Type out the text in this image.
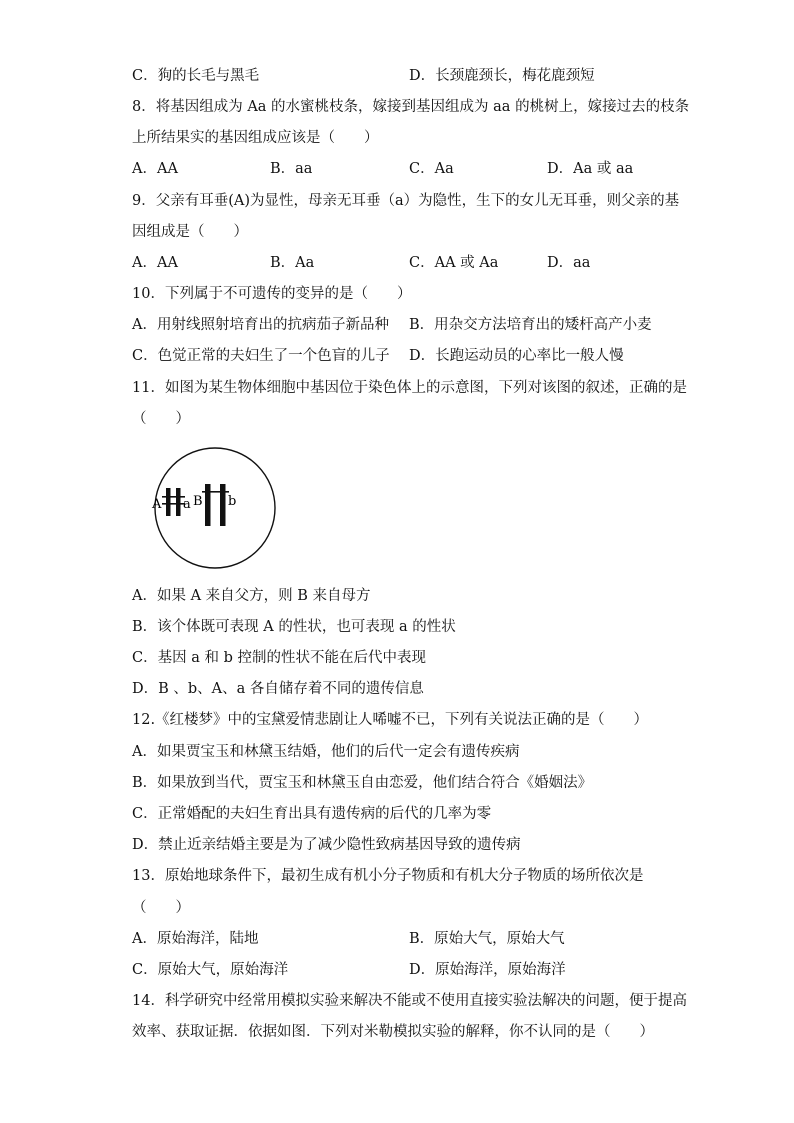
C．狗的长毛与黑毛	D．长颈鹿颈长，梅花鹿颈短
8．将基因组成为 Aa 的水蜜桃枝条，嫁接到基因组成为 aa 的桃树上，嫁接过去的枝条
上所结果实的基因组成应该是（　　）
A．AA	B．aa	C．Aa	D．Aa 或 aa
9．父亲有耳垂(A)为显性，母亲无耳垂（a）为隐性，生下的女儿无耳垂，则父亲的基
因组成是（　　）
A．AA	B．Aa	C．AA 或 Aa	D．aa
10．下列属于不可遗传的变异的是（　　）
A．用射线照射培育出的抗病茄子新品种 B．用杂交方法培育出的矮杆高产小麦
C．色觉正常的夫妇生了一个色盲的儿子 D．长跑运动员的心率比一般人慢
11．如图为某生物体细胞中基因位于染色体上的示意图，下列对该图的叙述，正确的是
（　　）
A a B b
A．如果 A 来自父方，则 B 来自母方
B．该个体既可表现 A 的性状，也可表现 a 的性状
C．基因 a 和 b 控制的性状不能在后代中表现
D．B 、b、A、a 各自储存着不同的遗传信息
12.《红楼梦》中的宝黛爱情悲剧让人唏嘘不已，下列有关说法正确的是（　　）
A．如果贾宝玉和林黛玉结婚，他们的后代一定会有遗传疾病
B．如果放到当代，贾宝玉和林黛玉自由恋爱，他们结合符合《婚姻法》
C．正常婚配的夫妇生育出具有遗传病的后代的几率为零
D．禁止近亲结婚主要是为了减少隐性致病基因导致的遗传病
13．原始地球条件下，最初生成有机小分子物质和有机大分子物质的场所依次是
（　　）
A．原始海洋，陆地	B．原始大气，原始大气
C．原始大气，原始海洋	D．原始海洋，原始海洋
14．科学研究中经常用模拟实验来解决不能或不使用直接实验法解决的问题，便于提高
效率、获取证据．依据如图．下列对米勒模拟实验的解释，你不认同的是（　　）
